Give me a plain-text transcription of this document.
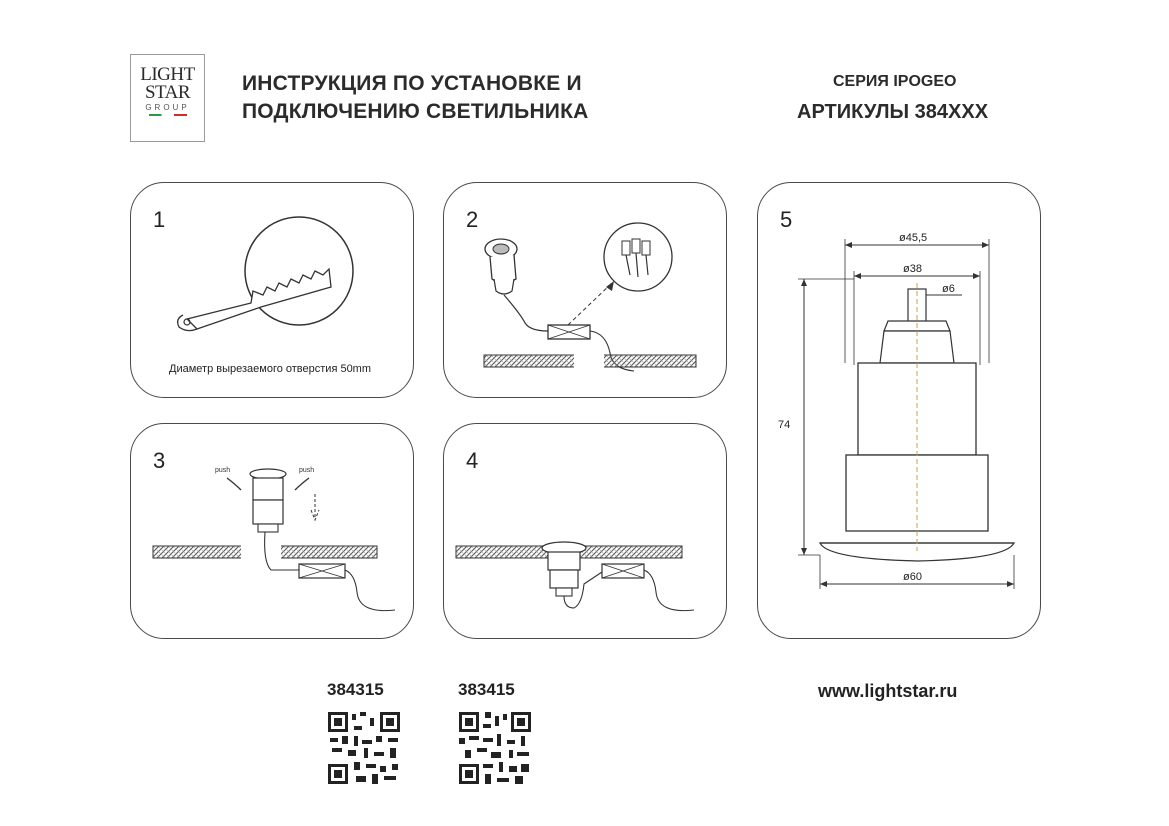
LIGHT
STAR
GROUP
ИНСТРУКЦИЯ ПО УСТАНОВКЕ И
ПОДКЛЮЧЕНИЮ СВЕТИЛЬНИКА
СЕРИЯ IPOGEO
АРТИКУЛЫ 384XXX
1
Диаметр вырезаемого отверстия 50mm
2
3	push	push	4
5
ø45,5
ø38
ø6
74
ø60
384315	383415	www.lightstar.ru
